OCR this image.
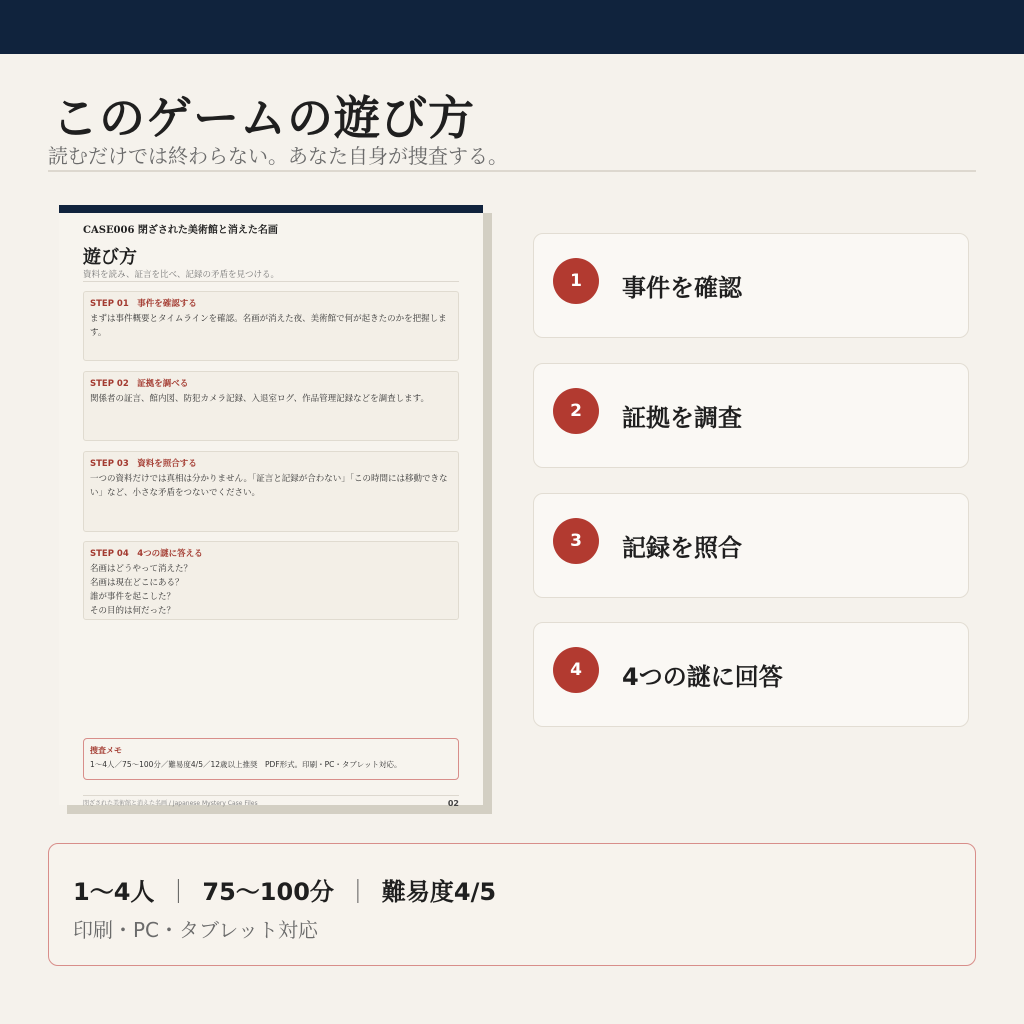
このゲームの遊び方
読むだけでは終わらない。あなた自身が捜査する。
CASE006 閉ざされた美術館と消えた名画
遊び方
資料を読み、証言を比べ、記録の矛盾を見つける。
STEP 01　事件を確認する
まずは事件概要とタイムラインを確認。名画が消えた夜、美術館で何が起きたのかを把握します。
STEP 02　証拠を調べる
関係者の証言、館内図、防犯カメラ記録、入退室ログ、作品管理記録などを調査します。
STEP 03　資料を照合する
一つの資料だけでは真相は分かりません。「証言と記録が合わない」「この時間には移動できない」など、小さな矛盾をつないでください。
STEP 04　4つの謎に答える
名画はどうやって消えた？
名画は現在どこにある？
誰が事件を起こした？
その目的は何だった？
捜査メモ
1〜4人／75〜100分／難易度4/5／12歳以上推奨　PDF形式。印刷・PC・タブレット対応。
閉ざされた美術館と消えた名画 / Japanese Mystery Case Files	02
1	事件を確認
2	証拠を調査
3	記録を照合
4	4つの謎に回答
1〜4人 ｜ 75〜100分 ｜ 難易度4/5
印刷・PC・タブレット対応
